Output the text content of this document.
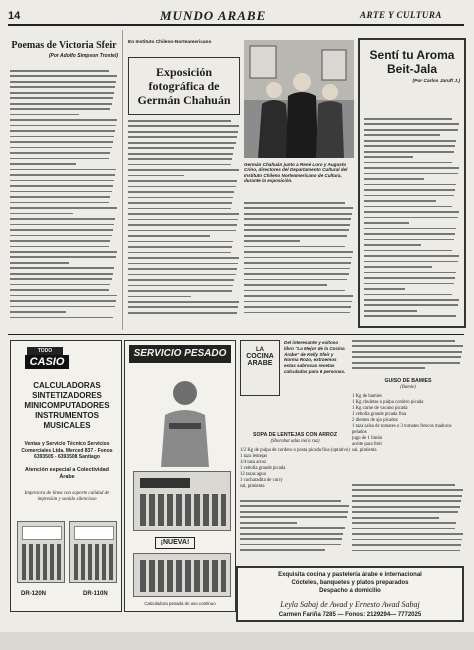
14	MUNDO ARABE	ARTE Y CULTURA
Poemas de Victoria Sfeir
(Por Adolfo Simpson Trostel)
En Instituto Chileno-Norteamericano
Exposición fotográfica de Germán Chahuán
Germán Chahuán junto a René Loro y Augusto Crino, directores del Departamento Cultural del Instituto Chileno Norteamericano de Cultura, durante la exposición.
Sentí tu Aroma Beit-Jala
(Por Carlos Jaruft J.)
TODO
CASIO
CALCULADORAS SINTETIZADORES MINICOMPUTADORES INSTRUMENTOS MUSICALES
Ventas y Servicio Técnico Servicios Comerciales Ltda. Merced 837 - Fonos 6393505 - 6393508 Santiago
Atención especial a Colectividad Árabe
Impresora de línea con soporte calidad de impresión y sonido silencioso
DR-120N	DR-110N
SERVICIO PESADO
¡NUEVA!
Calculadora pesada de uso continuo
LA
COCINA
ARABE
Del interesante y exitoso libro "La Mejor de la Cocina Árabe" de Kelly Sfeir y Norma Rozo, extraemos estas sabrosas recetas calculadas para 6 personas.
SOPA DE LENTEJAS CON ARROZ
(Shorabat adas ma'a ruz)
1/2 Kg de pulpa de cordero o posta picada fina (optativo)
1 taza lentejas
1/4 taza arroz
1 cebolla grande picada
12 tazas agua
1 cucharadita de curry
sal, pimienta
GUISO DE BAMIES
(Bamie)
1 Kg de bamies
1 Kg chuletas o pulpa cordero picada
1 Kg carne de vacuno picada
1 cebolla grande picada fina
2 dientes de ajo picados
1 taza salsa de tomates o 3 tomates frescos maduros pelados
jugo de 1 limón
aceite para freír
sal, pimienta
Exquisita cocina y pastelería árabe e internacional
Cócteles, banquetes y platos preparados
Despacho a domicilio
Leyla Sabaj de Awad y Ernesto Awad Sabaj
Carmen Fariña 7285 — Fonos: 2129294— 7772025
